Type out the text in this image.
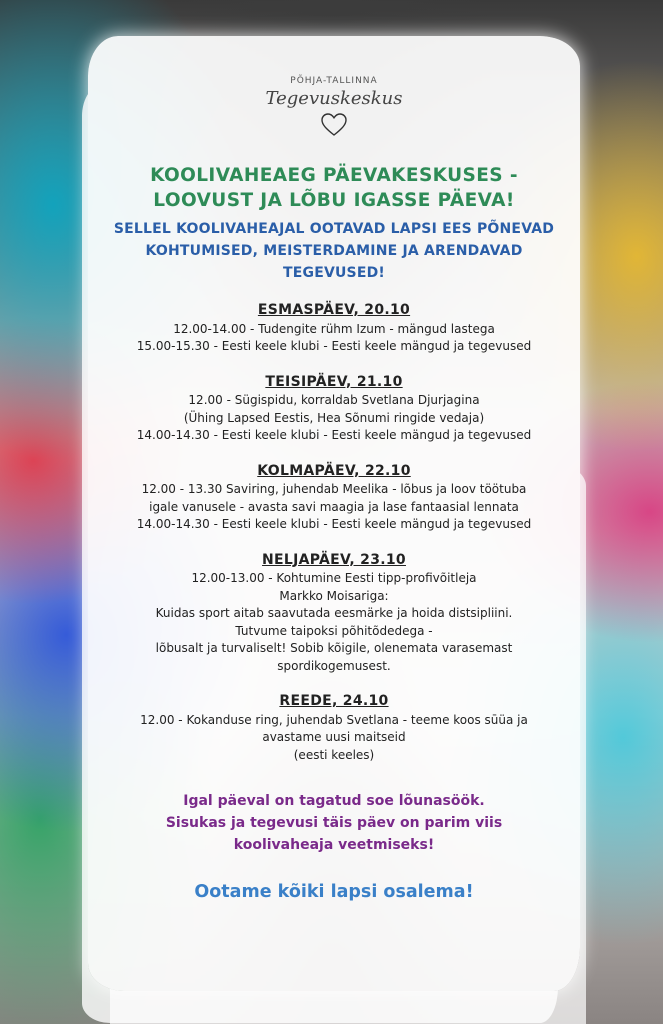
PÕHJA-TALLINNA
Tegevuskeskus
KOOLIVAHEAEG PÄEVAKESKUSES -
LOOVUST JA LÕBU IGASSE PÄEVA!
SELLEL KOOLIVAHEAJAL OOTAVAD LAPSI EES PÕNEVAD
KOHTUMISED, MEISTERDAMINE JA ARENDAVAD
TEGEVUSED!
ESMASPÄEV, 20.10
12.00-14.00 - Tudengite rühm Izum - mängud lastega
15.00-15.30 - Eesti keele klubi - Eesti keele mängud ja tegevused
TEISIPÄEV, 21.10
12.00 - Sügispidu, korraldab Svetlana Djurjagina
(Ühing Lapsed Eestis, Hea Sõnumi ringide vedaja)
14.00-14.30 - Eesti keele klubi - Eesti keele mängud ja tegevused
KOLMAPÄEV, 22.10
12.00 - 13.30 Saviring, juhendab Meelika - lõbus ja loov töötuba
igale vanusele - avasta savi maagia ja lase fantaasial lennata
14.00-14.30 - Eesti keele klubi - Eesti keele mängud ja tegevused
NELJAPÄEV, 23.10
12.00-13.00 - Kohtumine Eesti tipp-profivõitleja
Markko Moisariga:
Kuidas sport aitab saavutada eesmärke ja hoida distsipliini.
Tutvume taipoksi põhitõdedega -
lõbusalt ja turvaliselt! Sobib kõigile, olenemata varasemast
spordikogemusest.
REEDE, 24.10
12.00 - Kokanduse ring, juhendab Svetlana - teeme koos sūüa ja
avastame uusi maitseid
(eesti keeles)
Igal päeval on tagatud soe lõunasöök.
Sisukas ja tegevusi täis päev on parim viis
koolivaheaja veetmiseks!
Ootame kõiki lapsi osalema!
